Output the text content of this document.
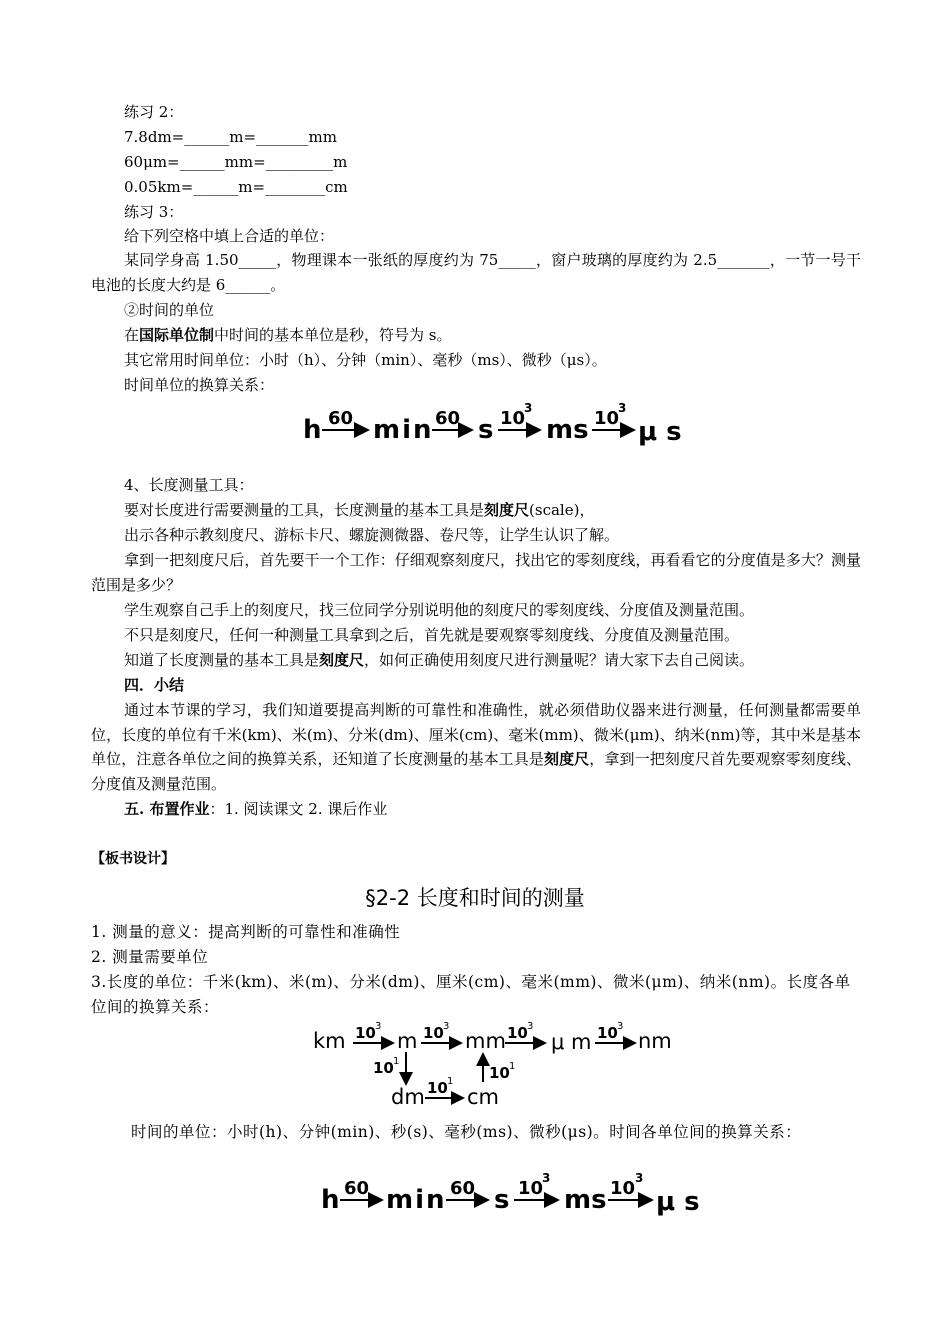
练习 2：
7.8dm=______m=_______mm
60μm=______mm=_________m
0.05km=______m=________cm
练习 3：
给下列空格中填上合适的单位：
某同学身高 1.50_____，物理课本一张纸的厚度约为 75_____，窗户玻璃的厚度约为 2.5_______，一节一号干电池的长度大约是 6______。
②时间的单位
在国际单位制中时间的基本单位是秒，符号为 s。
其它常用时间单位：小时（h）、分钟（min）、毫秒（ms）、微秒（μs）。
时间单位的换算关系：
h 60 min 60 s 10
3
ms 10
3
μ s
4、长度测量工具：
要对长度进行需要测量的工具，长度测量的基本工具是刻度尺(scale)，
出示各种示教刻度尺、游标卡尺、螺旋测微器、卷尺等，让学生认识了解。
拿到一把刻度尺后，首先要干一个工作：仔细观察刻度尺，找出它的零刻度线，再看看它的分度值是多大？测量范围是多少？
学生观察自己手上的刻度尺，找三位同学分别说明他的刻度尺的零刻度线、分度值及测量范围。
不只是刻度尺，任何一种测量工具拿到之后，首先就是要观察零刻度线、分度值及测量范围。
知道了长度测量的基本工具是刻度尺，如何正确使用刻度尺进行测量呢？请大家下去自己阅读。
四．小结
通过本节课的学习，我们知道要提高判断的可靠性和准确性，就必须借助仪器来进行测量，任何测量都需要单位，长度的单位有千米(km)、米(m)、分米(dm)、厘米(cm)、毫米(mm)、微米(μm)、纳米(nm)等，其中米是基本单位，注意各单位之间的换算关系，还知道了长度测量的基本工具是刻度尺，拿到一把刻度尺首先要观察零刻度线、分度值及测量范围。
五. 布置作业：1. 阅读课文 2. 课后作业
【板书设计】
§2-2 长度和时间的测量
1. 测量的意义：提高判断的可靠性和准确性
2. 测量需要单位
3.长度的单位：千米(km)、米(m)、分米(dm)、厘米(cm)、毫米(mm)、微米(μm)、纳米(nm)。长度各单位间的换算关系：
km 10 3
m 10 3
mm 10 3
μ m 10 3
nm
10 1
dm 10 1
cm
10 1
时间的单位：小时(h)、分钟(min)、秒(s)、毫秒(ms)、微秒(μs)。时间各单位间的换算关系：
h 60 min 60 s 10
3
ms 10 3
μ s
